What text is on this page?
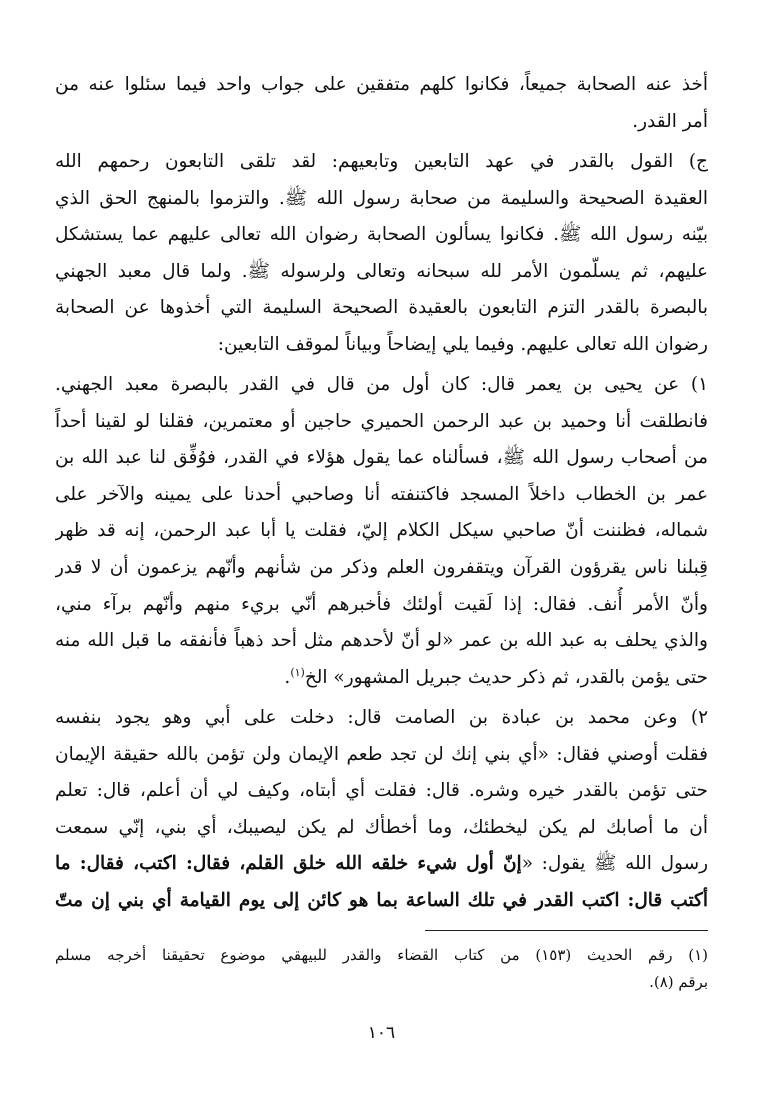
أخذ عنه الصحابة جميعاً، فكانوا كلهم متفقين على جواب واحد فيما سئلوا عنه من
أمر القدر.
ج) القول بالقدر في عهد التابعين وتابعيهم: لقد تلقى التابعون رحمهم الله
العقيدة الصحيحة والسليمة من صحابة رسول الله ﷺ. والتزموا بالمنهج الحق الذي
بيّنه رسول الله ﷺ. فكانوا يسألون الصحابة رضوان الله تعالى عليهم عما يستشكل
عليهم، ثم يسلّمون الأمر لله سبحانه وتعالى ولرسوله ﷺ. ولما قال معبد الجهني
بالبصرة بالقدر التزم التابعون بالعقيدة الصحيحة السليمة التي أخذوها عن الصحابة
رضوان الله تعالى عليهم. وفيما يلي إيضاحاً وبياناً لموقف التابعين:
١) عن يحيى بن يعمر قال: كان أول من قال في القدر بالبصرة معبد الجهني.
فانطلقت أنا وحميد بن عبد الرحمن الحميري حاجين أو معتمرين، فقلنا لو لقينا أحداً
من أصحاب رسول الله ﷺ، فسألناه عما يقول هؤلاء في القدر، فوُفِّق لنا عبد الله بن
عمر بن الخطاب داخلاً المسجد فاكتنفته أنا وصاحبي أحدنا على يمينه والآخر على
شماله، فظننت أنّ صاحبي سيكل الكلام إليّ، فقلت يا أبا عبد الرحمن، إنه قد ظهر
قِبلنا ناس يقرؤون القرآن ويتقفرون العلم وذكر من شأنهم وأنّهم يزعمون أن لا قدر
وأنّ الأمر أُنف. فقال: إذا لَقيت أولئك فأخبرهم أنّي بريء منهم وأنّهم برآء مني،
والذي يحلف به عبد الله بن عمر «لو أنّ لأحدهم مثل أحد ذهباً فأنفقه ما قبل الله منه
حتى يؤمن بالقدر، ثم ذكر حديث جبريل المشهور» الخ$^{(١)}$.
٢) وعن محمد بن عبادة بن الصامت قال: دخلت على أبي وهو يجود بنفسه
فقلت أوصني فقال: «أي بني إنك لن تجد طعم الإيمان ولن تؤمن بالله حقيقة الإيمان
حتى تؤمن بالقدر خيره وشره. قال: فقلت أي أبتاه، وكيف لي أن أعلم، قال: تعلم
أن ما أصابك لم يكن ليخطئك، وما أخطأك لم يكن ليصيبك، أي بني، إنّي سمعت
رسول الله ﷺ يقول: «إنّ أول شيء خلقه الله خلق القلم، فقال: اكتب، فقال: ما
أكتب قال: اكتب القدر في تلك الساعة بما هو كائن إلى يوم القيامة أي بني إن متّ
(١) رقم الحديث (١٥٣) من كتاب القضاء والقدر للبيهقي موضوع تحقيقنا أخرجه مسلم
برقم (٨).
١٠٦
